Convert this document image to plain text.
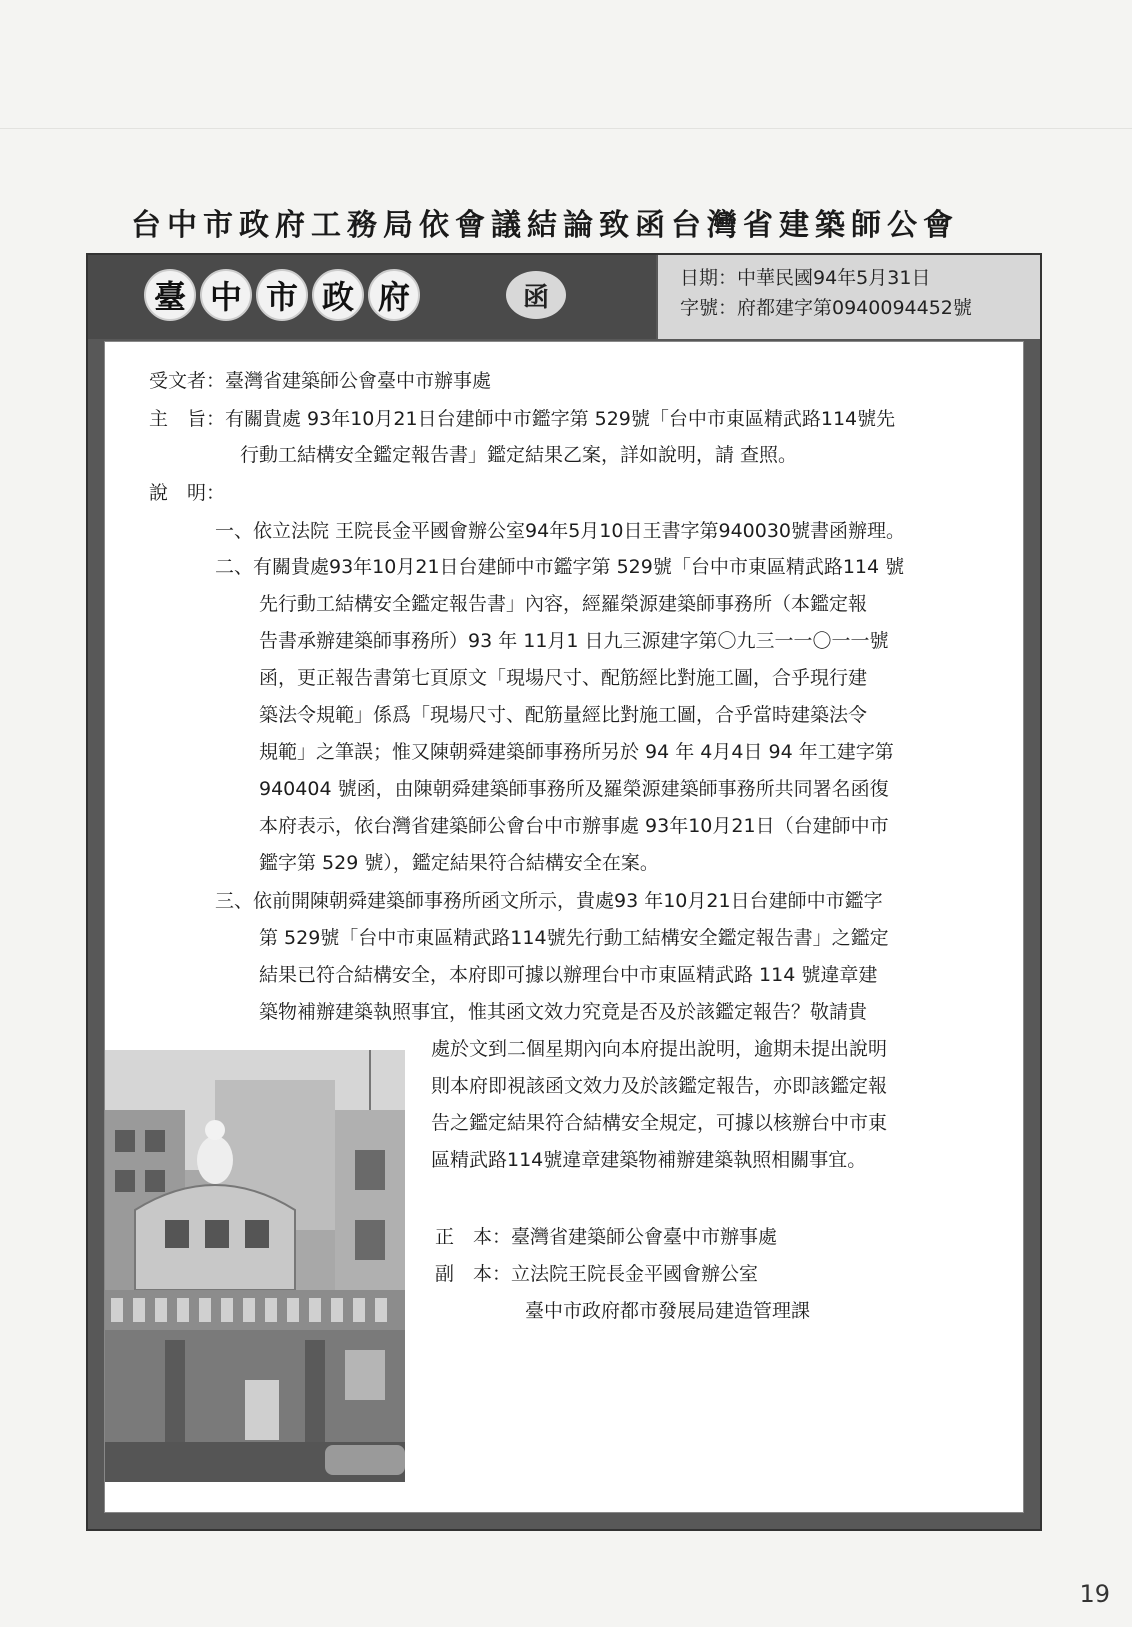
台中市政府工務局依會議結論致函台灣省建築師公會
臺 中 市 政 府	函
日期：中華民國94年5月31日
字號：府都建字第0940094452號
受文者：臺灣省建築師公會臺中市辦事處
主　旨：有關貴處 93年10月21日台建師中市鑑字第 529號「台中市東區精武路114號先
行動工結構安全鑑定報告書」鑑定結果乙案，詳如說明，請 查照。
說　明：
一、依立法院 王院長金平國會辦公室94年5月10日王書字第940030號書函辦理。
二、有關貴處93年10月21日台建師中市鑑字第 529號「台中市東區精武路114 號
先行動工結構安全鑑定報告書」內容，經羅榮源建築師事務所（本鑑定報
告書承辦建築師事務所）93 年 11月1 日九三源建字第〇九三一一〇一一號
函，更正報告書第七頁原文「現場尺寸、配筋經比對施工圖，合乎現行建
築法令規範」係爲「現場尺寸、配筋量經比對施工圖，合乎當時建築法令
規範」之筆誤；惟又陳朝舜建築師事務所另於 94 年 4月4日 94 年工建字第
940404 號函，由陳朝舜建築師事務所及羅榮源建築師事務所共同署名函復
本府表示，依台灣省建築師公會台中市辦事處 93年10月21日（台建師中市
鑑字第 529 號），鑑定結果符合結構安全在案。
三、依前開陳朝舜建築師事務所函文所示，貴處93 年10月21日台建師中市鑑字
第 529號「台中市東區精武路114號先行動工結構安全鑑定報告書」之鑑定
結果已符合結構安全，本府即可據以辦理台中市東區精武路 114 號違章建
築物補辦建築執照事宜，惟其函文效力究竟是否及於該鑑定報告？敬請貴
處於文到二個星期內向本府提出說明，逾期未提出說明
則本府即視該函文效力及於該鑑定報告，亦即該鑑定報
告之鑑定結果符合結構安全規定，可據以核辦台中市東
區精武路114號違章建築物補辦建築執照相關事宜。
正　本：臺灣省建築師公會臺中市辦事處
副　本：立法院王院長金平國會辦公室
臺中市政府都市發展局建造管理課
19
